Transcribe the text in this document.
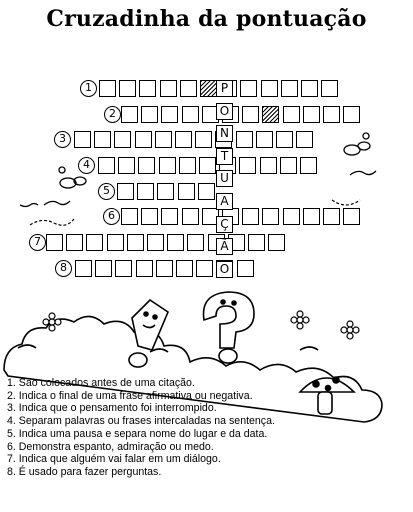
Cruzadinha da pontuação
1
2
3
4
5
6
7
8
P
O
N
T
U
A
Ç
Ã
O
1. São colocados antes de uma citação.
2. Indica o final de uma frase afirmativa ou negativa.
3. Indica que o pensamento foi interrompido.
4. Separam palavras ou frases intercaladas na sentença.
5. Indica uma pausa e separa nome do lugar e da data.
6. Demonstra espanto, admiração ou medo.
7. Indica que alguém vai falar em um diálogo.
8. É usado para fazer perguntas.
